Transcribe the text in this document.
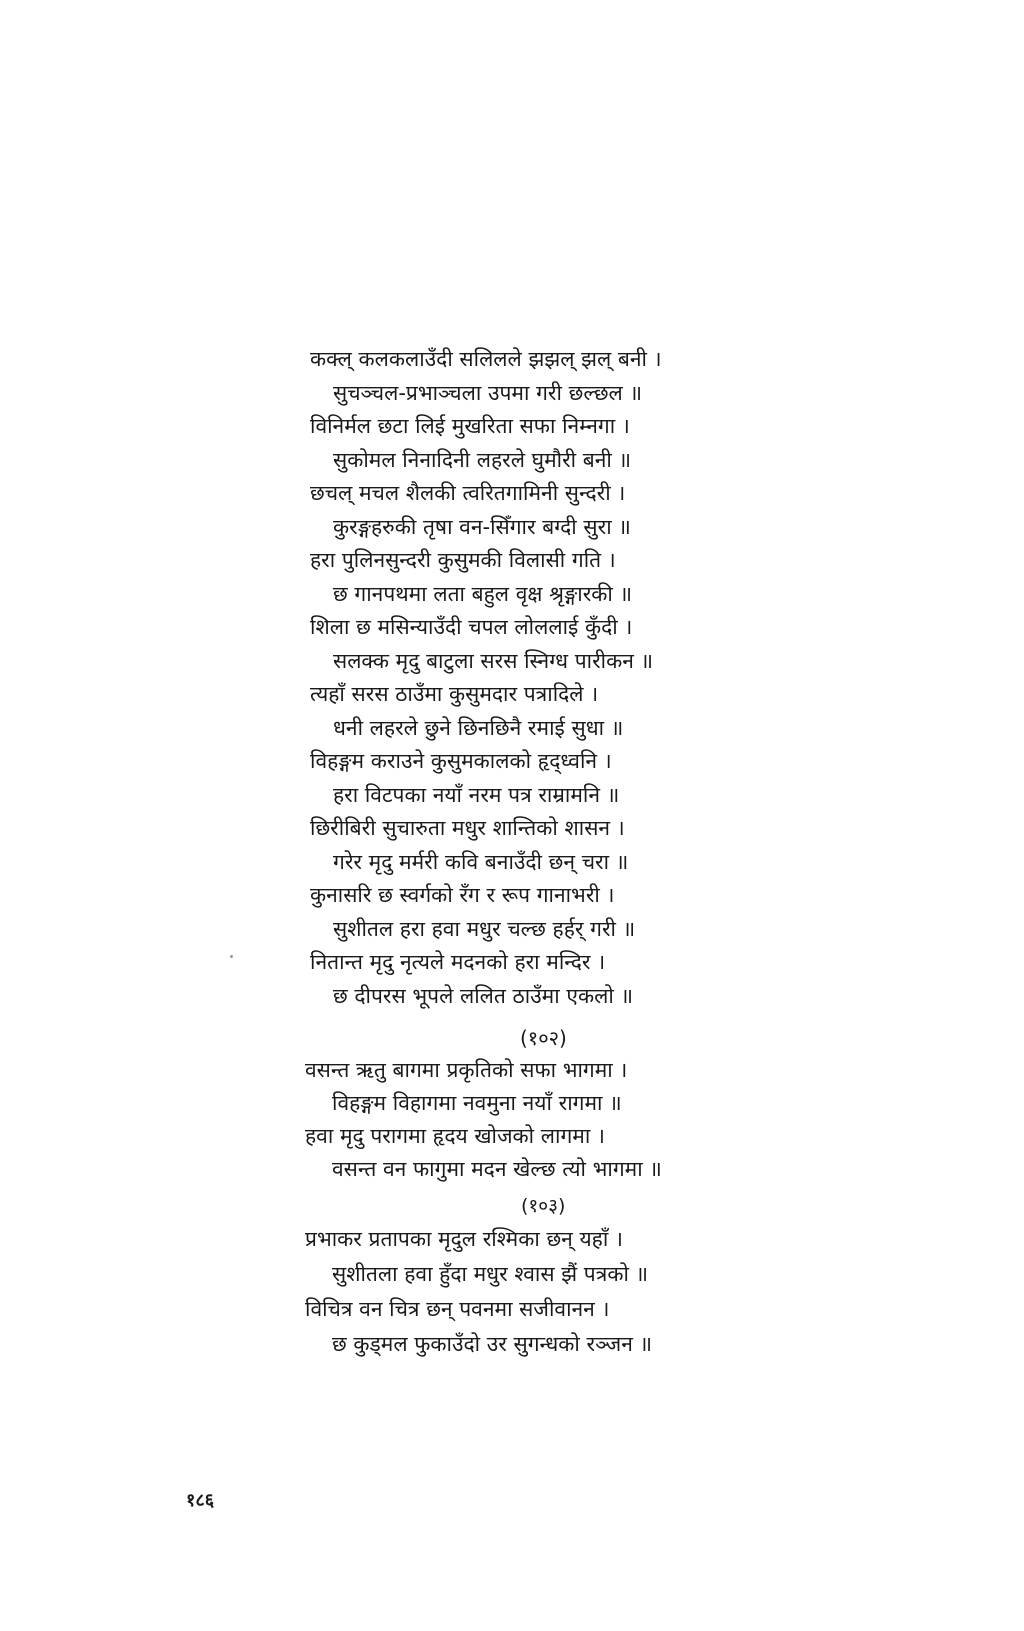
कक्ल् कलकलाउँदी सलिलले झझल् झल् बनी ।
सुचञ्चल-प्रभाञ्चला उपमा गरी छल्छल ॥
विनिर्मल छटा लिई मुखरिता सफा निम्नगा ।
सुकोमल निनादिनी लहरले घुमौरी बनी ॥
छचल् मचल शैलकी त्वरितगामिनी सुन्दरी ।
कुरङ्गहरुकी तृषा वन-सिँगार बग्दी सुरा ॥
हरा पुलिनसुन्दरी कुसुमकी विलासी गति ।
छ गानपथमा लता बहुल वृक्ष श्रृङ्गारकी ॥
शिला छ मसिन्याउँदी चपल लोललाई कुँदी ।
सलक्क मृदु बाटुला सरस स्निग्ध पारीकन ॥
त्यहाँ सरस ठाउँमा कुसुमदार पत्रादिले ।
धनी लहरले छुने छिनछिनै रमाई सुधा ॥
विहङ्गम कराउने कुसुमकालको हृद्ध्वनि ।
हरा विटपका नयाँ नरम पत्र राम्रामनि ॥
छिरीबिरी सुचारुता मधुर शान्तिको शासन ।
गरेर मृदु मर्मरी कवि बनाउँदी छन् चरा ॥
कुनासरि छ स्वर्गको रँग र रूप गानाभरी ।
सुशीतल हरा हवा मधुर चल्छ हर्हर् गरी ॥
नितान्त मृदु नृत्यले मदनको हरा मन्दिर ।
छ दीपरस भूपले ललित ठाउँमा एकलो ॥
(१०२)
वसन्त ऋतु बागमा प्रकृतिको सफा भागमा ।
विहङ्गम विहागमा नवमुना नयाँ रागमा ॥
हवा मृदु परागमा हृदय खोजको लागमा ।
वसन्त वन फागुमा मदन खेल्छ त्यो भागमा ॥
(१०३)
प्रभाकर प्रतापका मृदुल रश्मिका छन् यहाँ ।
सुशीतला हवा हुँदा मधुर श्वास झैं पत्रको ॥
विचित्र वन चित्र छन् पवनमा सजीवानन ।
छ कुड्मल फुकाउँदो उर सुगन्धको रञ्जन ॥
१८६
